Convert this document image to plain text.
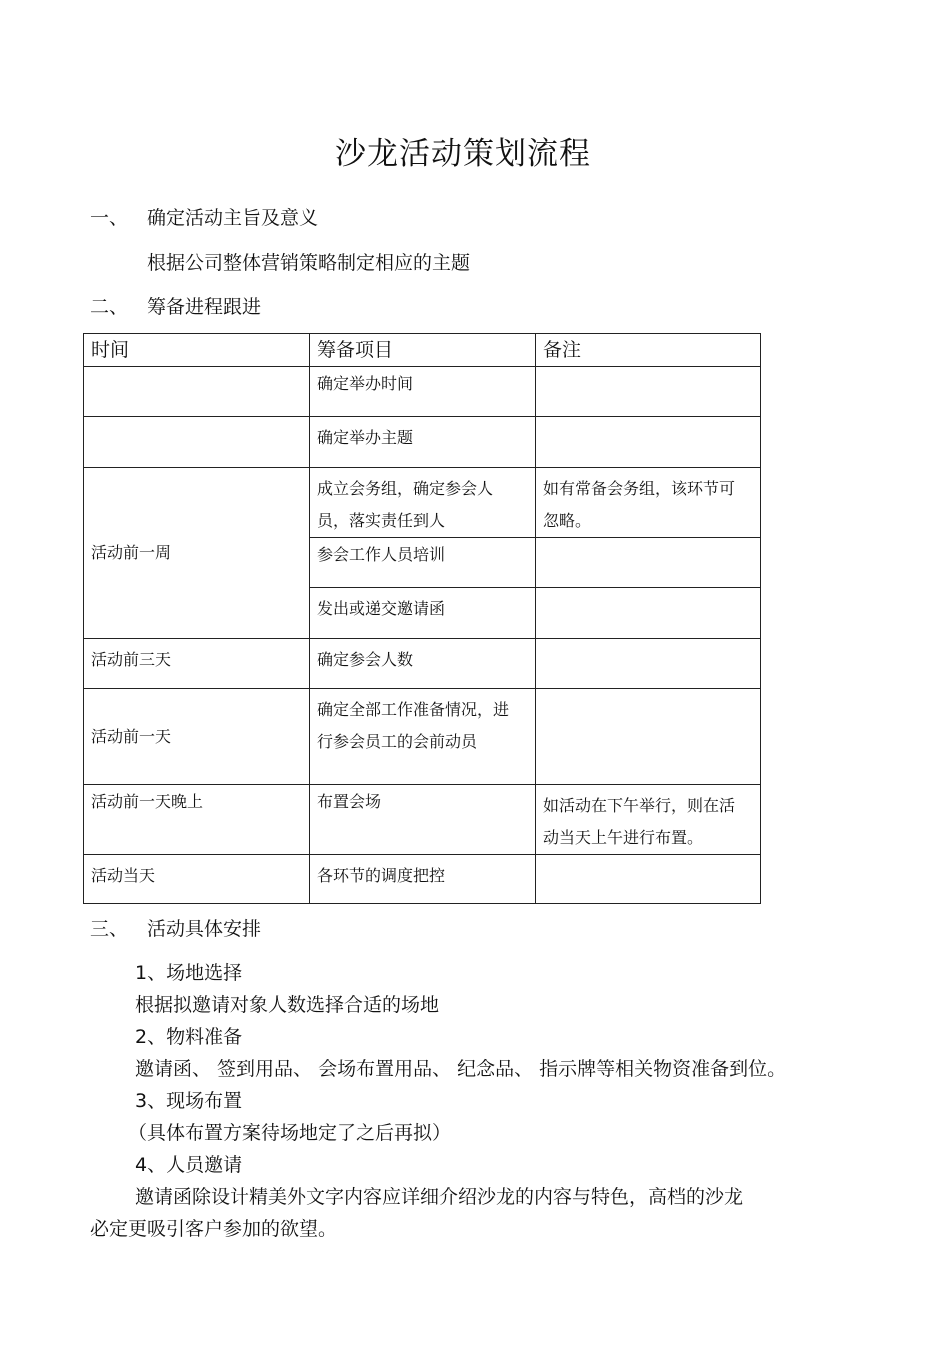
沙龙活动策划流程
一、 确定活动主旨及意义
根据公司整体营销策略制定相应的主题
二、 筹备进程跟进
时间	筹备项目	备注

	确定举办时间	

	确定举办主题	

活动前一周	成立会务组，确定参会人员，落实责任到人	如有常备会务组，该环节可忽略。

	参会工作人员培训	

	发出或递交邀请函	

活动前三天	确定参会人数	

活动前一天	确定全部工作准备情况，进行参会员工的会前动员	

活动前一天晚上	布置会场	如活动在下午举行，则在活动当天上午进行布置。

活动当天	各环节的调度把控	

三、 活动具体安排
1、场地选择
根据拟邀请对象人数选择合适的场地
2、物料准备
邀请函、 签到用品、 会场布置用品、 纪念品、 指示牌等相关物资准备到位。
3、现场布置
（具体布置方案待场地定了之后再拟）
4、人员邀请
邀请函除设计精美外文字内容应详细介绍沙龙的内容与特色，高档的沙龙
必定更吸引客户参加的欲望。
